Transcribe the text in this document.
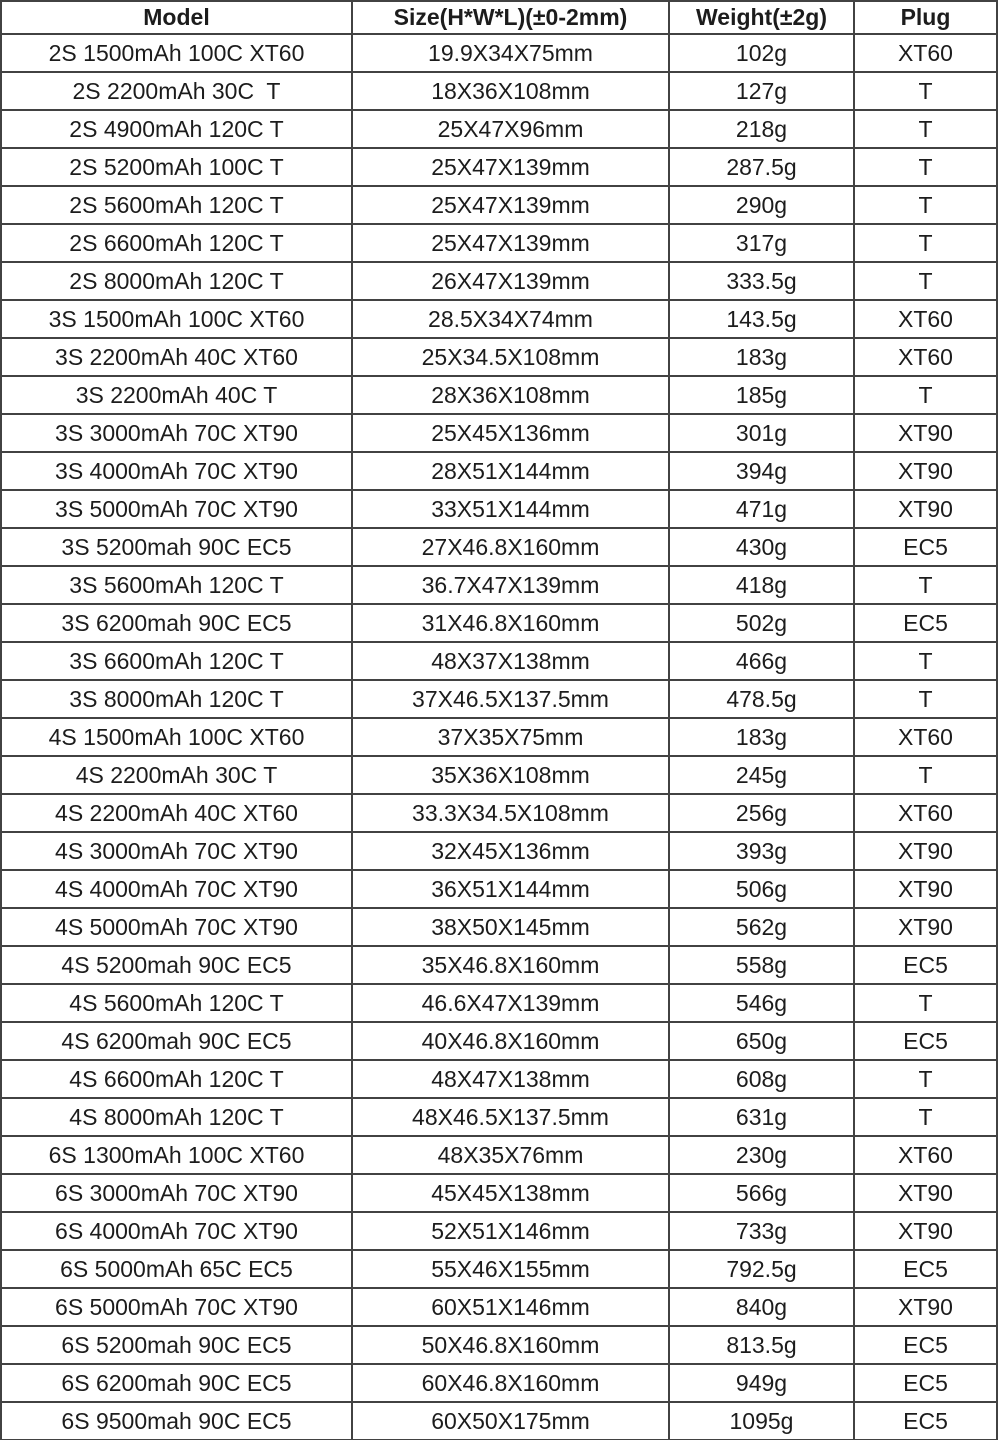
Model	Size(H*W*L)(±0-2mm)	Weight(±2g)	Plug
2S 1500mAh 100C XT60	19.9X34X75mm	102g	XT60
2S 2200mAh 30C  T	18X36X108mm	127g	T
2S 4900mAh 120C T	25X47X96mm	218g	T
2S 5200mAh 100C T	25X47X139mm	287.5g	T
2S 5600mAh 120C T	25X47X139mm	290g	T
2S 6600mAh 120C T	25X47X139mm	317g	T
2S 8000mAh 120C T	26X47X139mm	333.5g	T
3S 1500mAh 100C XT60	28.5X34X74mm	143.5g	XT60
3S 2200mAh 40C XT60	25X34.5X108mm	183g	XT60
3S 2200mAh 40C T	28X36X108mm	185g	T
3S 3000mAh 70C XT90	25X45X136mm	301g	XT90
3S 4000mAh 70C XT90	28X51X144mm	394g	XT90
3S 5000mAh 70C XT90	33X51X144mm	471g	XT90
3S 5200mah 90C EC5	27X46.8X160mm	430g	EC5
3S 5600mAh 120C T	36.7X47X139mm	418g	T
3S 6200mah 90C EC5	31X46.8X160mm	502g	EC5
3S 6600mAh 120C T	48X37X138mm	466g	T
3S 8000mAh 120C T	37X46.5X137.5mm	478.5g	T
4S 1500mAh 100C XT60	37X35X75mm	183g	XT60
4S 2200mAh 30C T	35X36X108mm	245g	T
4S 2200mAh 40C XT60	33.3X34.5X108mm	256g	XT60
4S 3000mAh 70C XT90	32X45X136mm	393g	XT90
4S 4000mAh 70C XT90	36X51X144mm	506g	XT90
4S 5000mAh 70C XT90	38X50X145mm	562g	XT90
4S 5200mah 90C EC5	35X46.8X160mm	558g	EC5
4S 5600mAh 120C T	46.6X47X139mm	546g	T
4S 6200mah 90C EC5	40X46.8X160mm	650g	EC5
4S 6600mAh 120C T	48X47X138mm	608g	T
4S 8000mAh 120C T	48X46.5X137.5mm	631g	T
6S 1300mAh 100C XT60	48X35X76mm	230g	XT60
6S 3000mAh 70C XT90	45X45X138mm	566g	XT90
6S 4000mAh 70C XT90	52X51X146mm	733g	XT90
6S 5000mAh 65C EC5	55X46X155mm	792.5g	EC5
6S 5000mAh 70C XT90	60X51X146mm	840g	XT90
6S 5200mah 90C EC5	50X46.8X160mm	813.5g	EC5
6S 6200mah 90C EC5	60X46.8X160mm	949g	EC5
6S 9500mah 90C EC5	60X50X175mm	1095g	EC5
